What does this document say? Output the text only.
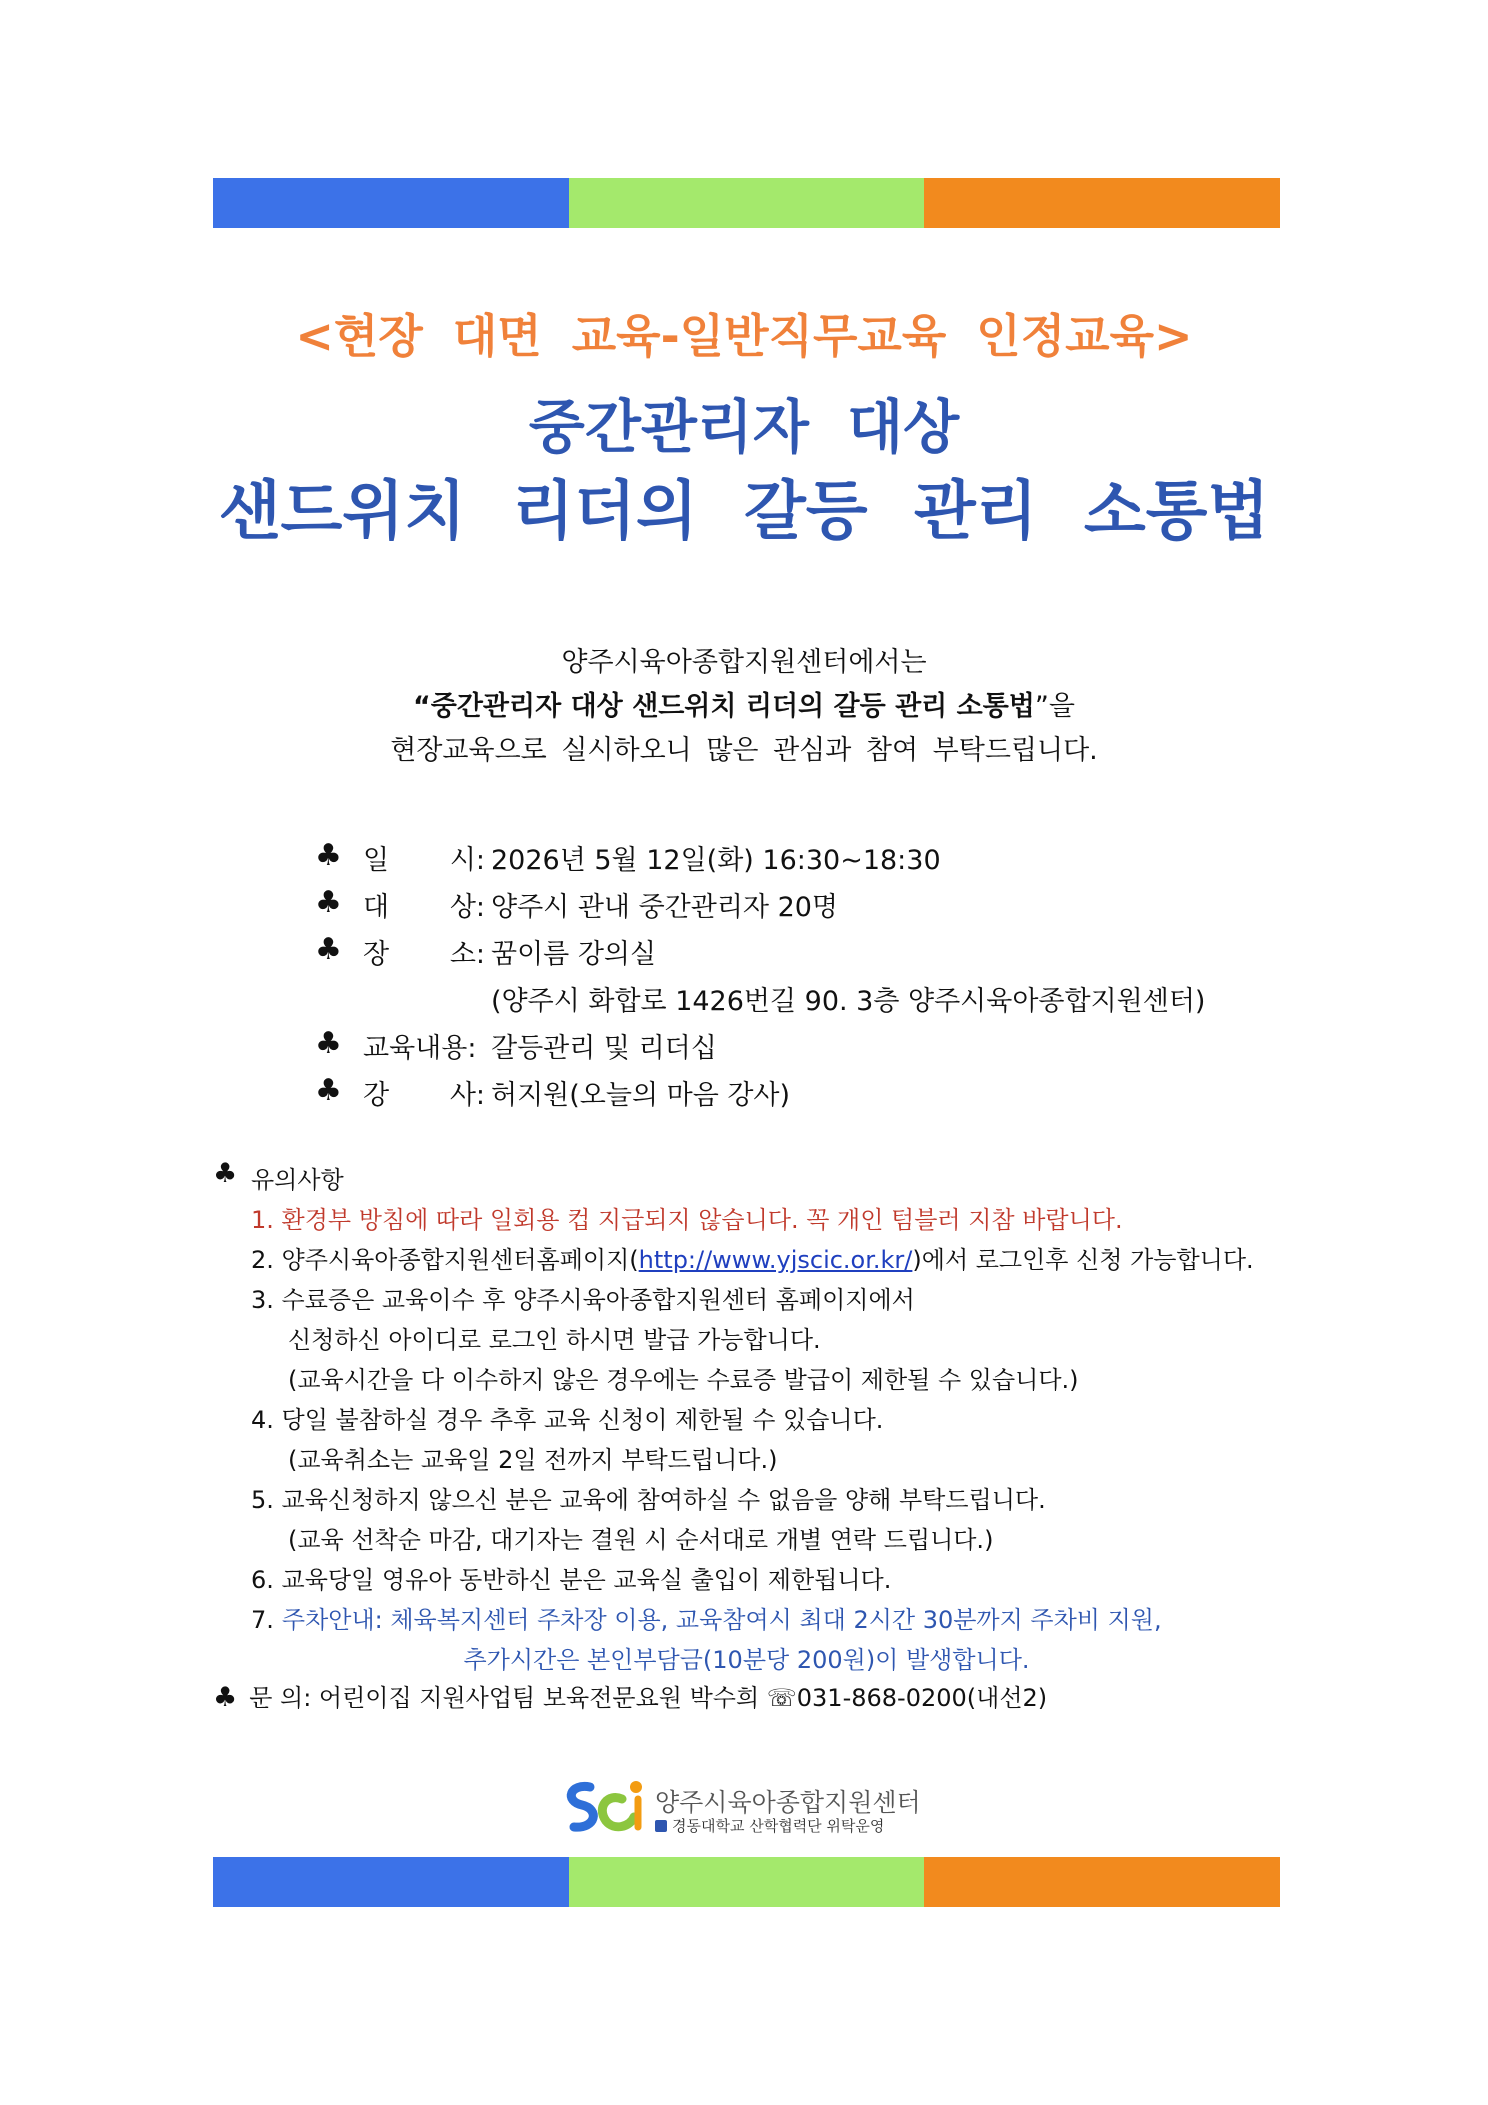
<현장 대면 교육-일반직무교육 인정교육>
중간관리자 대상
샌드위치 리더의 갈등 관리 소통법
양주시육아종합지원센터에서는
“중간관리자 대상 샌드위치 리더의 갈등 관리 소통법”을
현장교육으로 실시하오니 많은 관심과 참여 부탁드립니다.
♣ 일 시: 2026년 5월 12일(화) 16:30~18:30
♣ 대 상: 양주시 관내 중간관리자 20명
♣ 장 소: 꿈이름 강의실
(양주시 화합로 1426번길 90. 3층 양주시육아종합지원센터)
♣ 교육내용: 갈등관리 및 리더십
♣ 강 사: 허지원(오늘의 마음 강사)
♣ 유의사항
1. 환경부 방침에 따라 일회용 컵 지급되지 않습니다. 꼭 개인 텀블러 지참 바랍니다.
2. 양주시육아종합지원센터홈페이지(http://www.yjscic.or.kr/)에서 로그인후 신청 가능합니다.
3. 수료증은 교육이수 후 양주시육아종합지원센터 홈페이지에서
신청하신 아이디로 로그인 하시면 발급 가능합니다.
(교육시간을 다 이수하지 않은 경우에는 수료증 발급이 제한될 수 있습니다.)
4. 당일 불참하실 경우 추후 교육 신청이 제한될 수 있습니다.
(교육취소는 교육일 2일 전까지 부탁드립니다.)
5. 교육신청하지 않으신 분은 교육에 참여하실 수 없음을 양해 부탁드립니다.
(교육 선착순 마감, 대기자는 결원 시 순서대로 개별 연락 드립니다.)
6. 교육당일 영유아 동반하신 분은 교육실 출입이 제한됩니다.
7. 주차안내: 체육복지센터 주차장 이용, 교육참여시 최대 2시간 30분까지 주차비 지원,
추가시간은 본인부담금(10분당 200원)이 발생합니다.
♣ 문 의: 어린이집 지원사업팀 보육전문요원 박수희 ☏031-868-0200(내선2)
양주시육아종합지원센터
경동대학교 산학협력단 위탁운영
